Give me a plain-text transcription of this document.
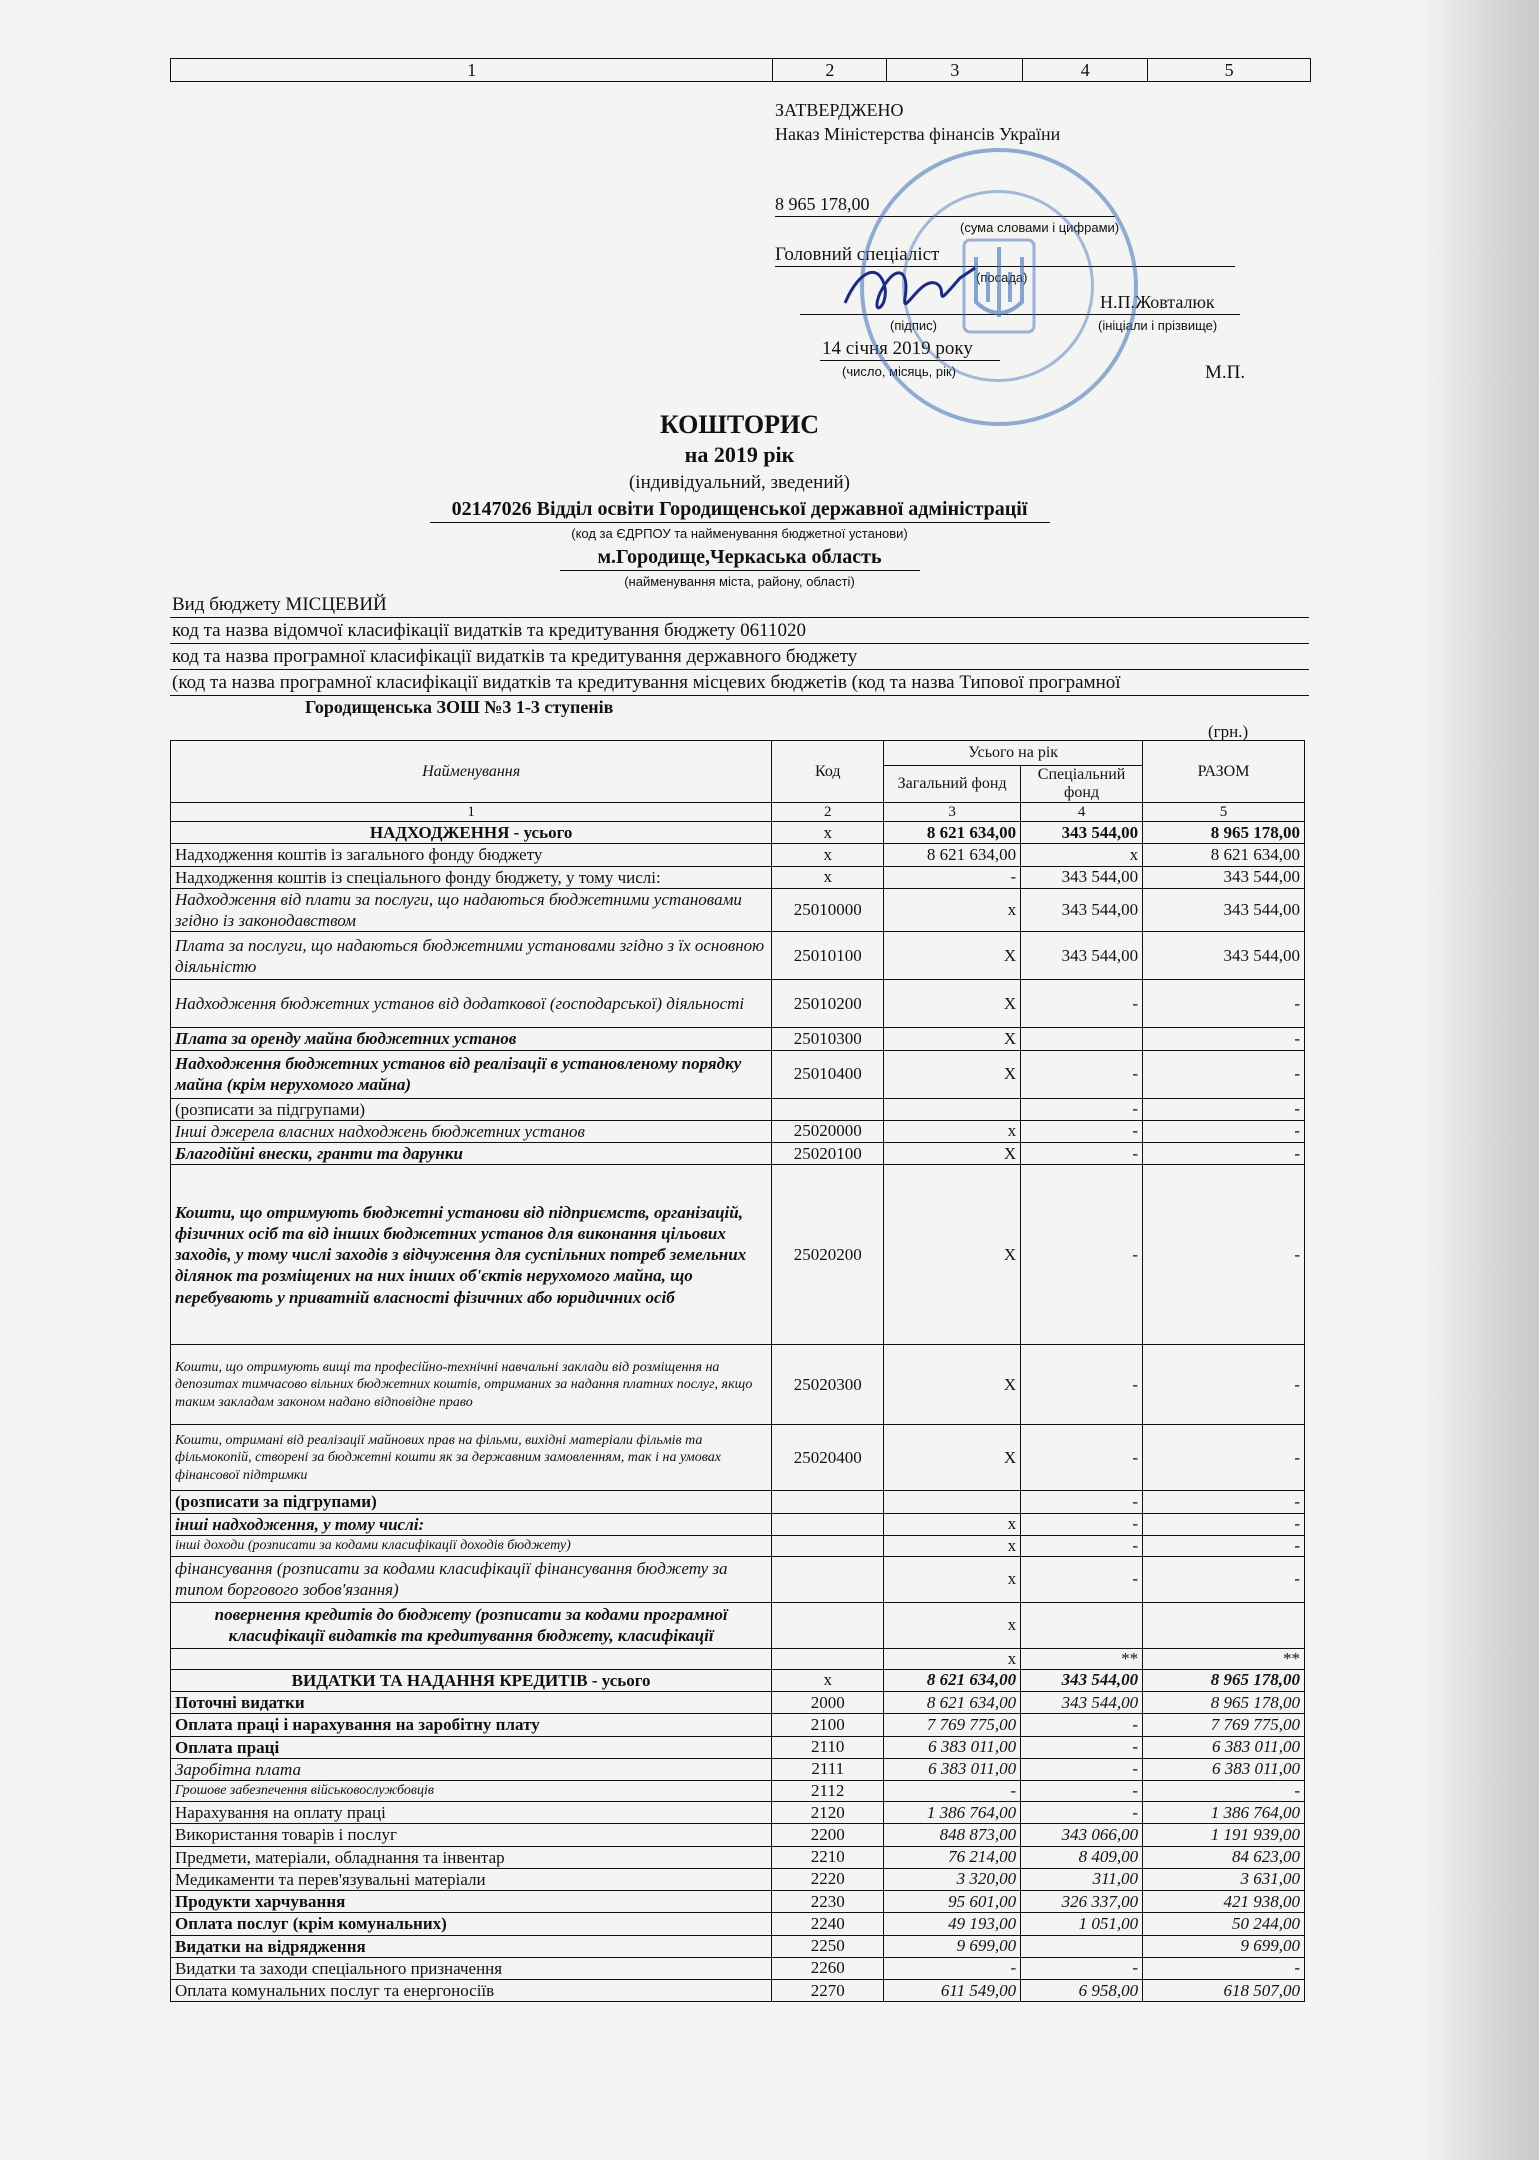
1	2	3	4	5
ЗАТВЕРДЖЕНО
Наказ Міністерства фінансів України
8 965 178,00
(сума словами і цифрами)
Головний спеціаліст
(посада)
Н.П.Жовталюк
(підпис)	(ініціали і прізвище)
14 січня 2019 року
(число, місяць, рік)	М.П.
КОШТОРИС
на 2019 рік
(індивідуальний, зведений)
02147026 Відділ освіти Городищенської державної адміністрації
(код за ЄДРПОУ та найменування бюджетної установи)
м.Городище,Черкаська область
(найменування міста, району, області)
Вид бюджету МІСЦЕВИЙ
код та назва відомчої класифікації видатків та кредитування бюджету 0611020
код та назва програмної класифікації видатків та кредитування державного бюджету
(код та назва програмної класифікації видатків та кредитування місцевих бюджетів (код та назва Типової програмної
Городищенська ЗОШ №3 1-3 ступенів
(грн.)
Найменування	Код	Усього на рік		РАЗОМ
		Загальний фонд	Спеціальний фонд	
1	2	3	4	5
НАДХОДЖЕННЯ - усього	х	8 621 634,00	343 544,00	8 965 178,00
Надходження коштів із загального фонду бюджету	х	8 621 634,00	х	8 621 634,00
Надходження коштів із спеціального фонду бюджету, у тому числі:	х	-	343 544,00	343 544,00
Надходження від плати за послуги, що надаються бюджетними установами згідно із законодавством	25010000	х	343 544,00	343 544,00
Плата за послуги, що надаються бюджетними установами згідно з їх основною діяльністю	25010100	Х	343 544,00	343 544,00
Надходження бюджетних установ від додаткової (господарської) діяльності	25010200	Х	-	-
Плата за оренду майна бюджетних установ	25010300	Х		-
Надходження бюджетних установ від реалізації в установленому порядку майна (крім нерухомого майна)	25010400	Х	-	-
(розписати за підгрупами)			-	-
Інші джерела власних надходжень бюджетних установ	25020000	х	-	-
Благодійні внески, гранти та дарунки	25020100	Х	-	-
Кошти, що отримують бюджетні установи від підприємств, організацій, фізичних осіб та від інших бюджетних установ для виконання цільових заходів, у тому числі заходів з відчуження для суспільних потреб земельних ділянок та розміщених на них інших об'єктів нерухомого майна, що перебувають у приватній власності фізичних або юридичних осіб	25020200	Х	-	-
Кошти, що отримують вищі та професійно-технічні навчальні заклади від розміщення на депозитах тимчасово вільних бюджетних коштів, отриманих за надання платних послуг, якщо таким закладам законом надано відповідне право	25020300	Х	-	-
Кошти, отримані від реалізації майнових прав на фільми, вихідні матеріали фільмів та фільмокопій, створені за бюджетні кошти як за державним замовленням, так і на умовах фінансової підтримки	25020400	Х	-	-
(розписати за підгрупами)			-	-
інші надходження, у тому числі:		х	-	-
інші доходи (розписати за кодами класифікації доходів бюджету)		х	-	-
фінансування (розписати за кодами класифікації фінансування бюджету за типом боргового зобов'язання)		х	-	-
повернення кредитів до бюджету (розписати за кодами програмної класифікації видатків та кредитування бюджету, класифікації		х		
		х	**	**
ВИДАТКИ ТА НАДАННЯ КРЕДИТІВ - усього	х	8 621 634,00	343 544,00	8 965 178,00
Поточні видатки	2000	8 621 634,00	343 544,00	8 965 178,00
Оплата праці і нарахування на заробітну плату	2100	7 769 775,00	-	7 769 775,00
Оплата праці	2110	6 383 011,00	-	6 383 011,00
Заробітна плата	2111	6 383 011,00	-	6 383 011,00
Грошове забезпечення військовослужбовців	2112	-	-	-
Нарахування на оплату праці	2120	1 386 764,00	-	1 386 764,00
Використання товарів і послуг	2200	848 873,00	343 066,00	1 191 939,00
Предмети, матеріали, обладнання та інвентар	2210	76 214,00	8 409,00	84 623,00
Медикаменти та перев'язувальні матеріали	2220	3 320,00	311,00	3 631,00
Продукти харчування	2230	95 601,00	326 337,00	421 938,00
Оплата послуг (крім комунальних)	2240	49 193,00	1 051,00	50 244,00
Видатки на відрядження	2250	9 699,00		9 699,00
Видатки та заходи спеціального призначення	2260	-	-	-
Оплата комунальних послуг та енергоносіїв	2270	611 549,00	6 958,00	618 507,00
